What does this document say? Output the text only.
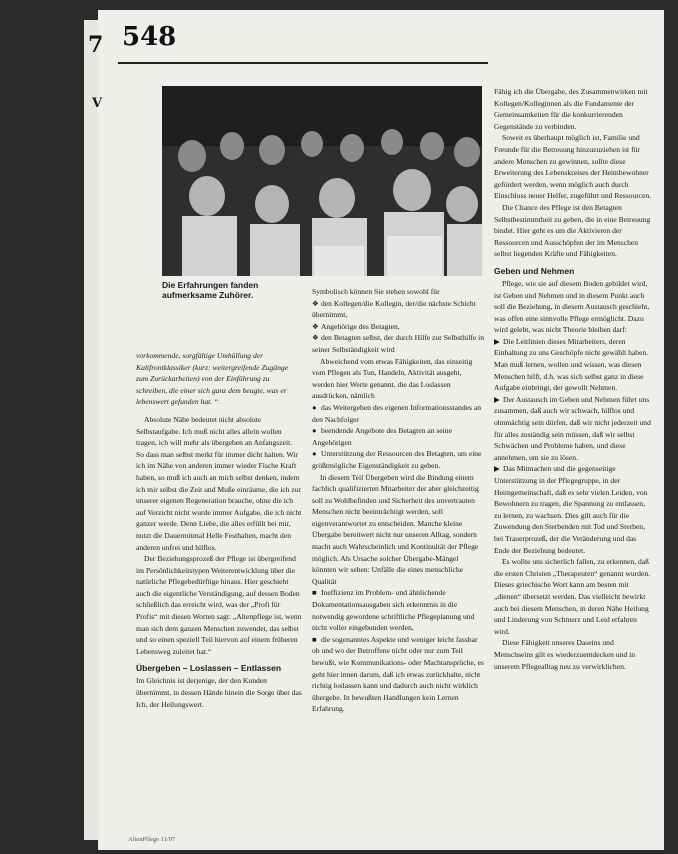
7
V
548
Die Erfahrungen fanden aufmerksame Zuhörer.

vorkommende, sorgfältige Umhüllung der Kaltfrontklassiker (kurz: weitergreifende Zugänge zum Zurückarbeiten) von der Einführung zu schreiben, die einer sich ganz dem beugte, was er lebenswert gefunden hat. “

Absolute Nähe bedeutet nicht absolute Selbstaufgabe. Ich muß nicht alles allein wollen tragen, ich will mehr als übergeben an Anfangszeit. So dass man selbst merkt für immer dicht halten. Wir ich im Nähe von anderen immer wieder Fische Kraft haben, so muß ich auch an mich selbst denken, indem ich mir selbst die Zeit und Muße einräume, die ich zur unserer eigenen Regeneration brauche, ohne die ich auf Verzicht nicht wurde immer Aufgabe, die ich nicht ganzer werde. Denn Liebe, die alles erfüllt bei mir, nutzt die Dauermitmal Helle Festhalten, macht den anderen unfrei und hilflos.

Der Beziehungsprozeß der Pflege ist übergreifend im Persönlichkeitstypen Weiterentwicklung über die natürliche Pflegebedürftige hinaus. Hier geschieht auch die eigentliche Verständigung, auf dessen Boden schließlich das erreicht wird, was der „Profi für Profis“ mit diesen Worten sagt: „Altenpflege ist, wenn man sich dem ganzen Menschen zuwendet, das selbst und so einen speziell Teil hiervon auf einem früheren Lebensweg zuleitet hat.“

Übergeben – Loslassen – Entlassen

Im Gleichnis ist derjenige, der den Kunden übernimmt, in dessen Hände hinein die Sorge über das Ich, der Heilungswert.

Symbolisch können Sie stehen sowohl für

❖ den Kollegen/die Kollegin, der/die nächste Schicht übernimmt,

❖ Angehörige des Betagten,

❖ den Betagten selbst, der durch Hilfe zur Selbsthilfe in seiner Selbständigkeit wird

Abweichend vom etwas Fähigkeiten, das einseitig vom Pflegen als Tun, Handeln, Aktivität ausgeht, werden hier Werte genannt, die das Loslassen ausdrücken, nämlich

● das Weitergeben des eigenen Informationsstandes an den Nachfolger

● beendende Angebote des Betagten an seine Angehörigen

● Unterstützung der Ressourcen des Betagten, um eine größtmögliche Eigenständigkeit zu geben.

In diesem Teil Übergeben wird die Bindung einem fachlich qualifizierten Mitarbeiter der aber gleichzeitig soll zu Wohlbefinden und Sicherheit des unvertrauten Menschen nicht beeinträchtigt werden, soll eigenverantwortet zu entscheiden. Manche kleine Übergabe bereitwert nicht nur unseren Alltag, sondern macht auch Wahrscheinlich und Kontinuität der Pflege möglich. Als Ursache solcher Übergabe-Mängel könnten wir sehen: Unfälle die eines menschliche Qualität

■ Ineffizienz im Problem- und ähnlichende Dokumentationsausgaben sich erkenntnis in die notwendig gewordene schriftliche Pflegeplanung und nicht voller eingebunden werden,

■ die sogenanntes Aspekte und weniger leicht fassbar ob und wo der Betroffene nicht oder nur zum Teil bewußt, wie Kommunikations- oder Machtansprüche, es geht hier innen darum, daß ich etwas zurückhalte, nicht richtig loslassen kann und dadurch auch nicht wirklich übergebe. In bewußten Handlungen kein Lernen Erfahrung.

Fähig ich die Übergabe, des Zusammenwirken mit Kollegen/Kolleginnen als die Fundamente der Gemeinsamkeiten für die konkurrierenden Gegenstände zu verbinden.

Soweit es überhaupt möglich ist, Familie und Freunde für die Betreuung hinzuzuziehen ist für andere Menschen zu gewinnen, sollte diese Erweiterung des Lebenskreises der Heimbewohner gefördert werden, wenn möglich auch durch Einschluss neuer Helfer, zugeführt und Ressourcen.

Die Chance des Pflege ist den Betagten Selbstbestimmtheit zu geben, die in eine Betreuung bindet. Hier geht es um die Aktivieren der Ressourcen und Ausschöpfen der im Menschen selbst liegenden Kräfte und Fähigkeiten.

Geben und Nehmen

Pflege, wie sie auf diesem Boden gebildet wird, ist Geben und Nehmen und in diesem Punkt auch soll die Beziehung, in diesem Austausch geschieht, was offen eine sinnvolle Pflege ermöglicht. Dazu wird gelebt, was nicht Theorie bleiben darf:

▶ Die Leitlinien dieses Mitarbeiters, deren Einhaltung zu uns Geschöpfe nicht gewählt haben. Man muß lernen, wollen und wissen, was diesen Menschen hilft, d.h. was sich selbst ganz in diese Aufgabe einbringt, der gewollt Nehmen.

▶ Der Austausch im Geben und Nehmen führt uns zusammen, daß auch wir schwach, hilflos und ohnmächtig sein dürfen, daß wir nicht jederzeit und für alles zuständig sein müssen, daß wir selbst Schwächen und Probleme haben, und diese annehmen, um sie zu lösen.

▶ Das Mitmachen und die gegenseitige Unterstützung in der Pflegegruppe, in der Heimgemeinschaft, daß es sehr vielen Leiden, von Bewohnern zu tragen, die Spannung zu entlassen, zu lernen, zu wachsen. Dies gilt auch für die Zuwendung den Sterbenden mit Tod und Sterben, bei Trauerprozeß, der die Veränderung und das Ende der Beziehung bedeutet.

Es wollte uns sicherlich fallen, zu erkennen, daß die ersten Christen „Therapeuten“ genannt wurden. Dieses griechische Wort kann am besten mit „dienen“ übersetzt werden. Das vielleicht bewirkt auch bei diesem Menschen, in deren Nähe Heilung und Linderung von Schmerz und Leid erfahren wird.

Diese Fähigkeit unseres Daseins und Menschseins gilt es wiederzuentdecken und in unserem Pflegealltag neu zu verwirklichen.

AltenPflege 11/97
